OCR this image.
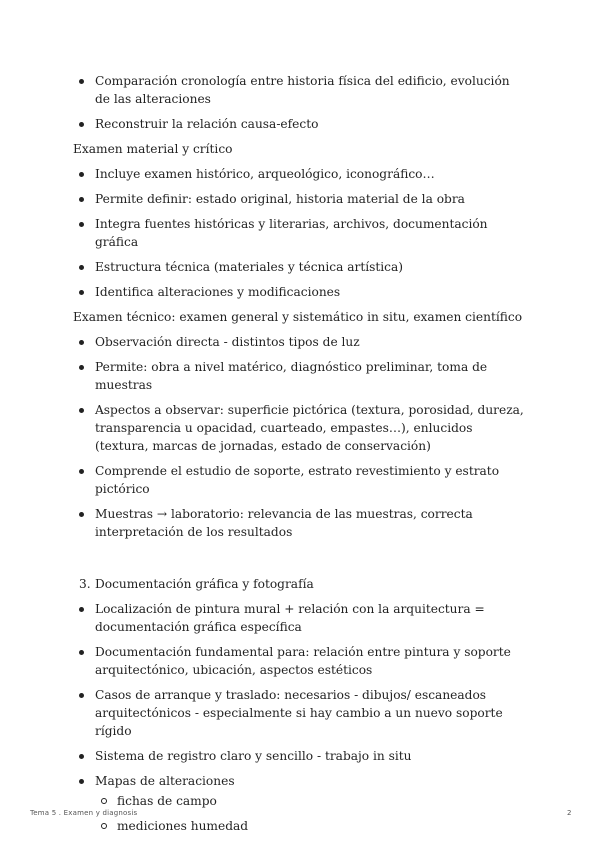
Comparación cronología entre historia física del edificio, evolución de las alteraciones
Reconstruir la relación causa-efecto

Examen material y crítico

Incluye examen histórico, arqueológico, iconográfico…
Permite definir: estado original, historia material de la obra
Integra fuentes históricas y literarias, archivos, documentación gráfica
Estructura técnica (materiales y técnica artística)
Identifica alteraciones y modificaciones

Examen técnico: examen general y sistemático in situ, examen científico

Observación directa - distintos tipos de luz
Permite: obra a nivel matérico, diagnóstico preliminar, toma de muestras
Aspectos a observar: superficie pictórica (textura, porosidad, dureza, transparencia u opacidad, cuarteado, empastes…), enlucidos (textura, marcas de jornadas, estado de conservación)
Comprende el estudio de soporte, estrato revestimiento y estrato pictórico
Muestras → laboratorio: relevancia de las muestras, correcta interpretación de los resultados
3. Documentación gráfica y fotografía
Localización de pintura mural + relación con la arquitectura = documentación gráfica específica
Documentación fundamental para: relación entre pintura y soporte arquitectónico, ubicación, aspectos estéticos
Casos de arranque y traslado: necesarios - dibujos/ escaneados arquitectónicos - especialmente si hay cambio a un nuevo soporte rígido
Sistema de registro claro y sencillo - trabajo in situ
Mapas de alteraciones
fichas de campo
mediciones humedad
Tema 5 . Examen y diagnosis	2
